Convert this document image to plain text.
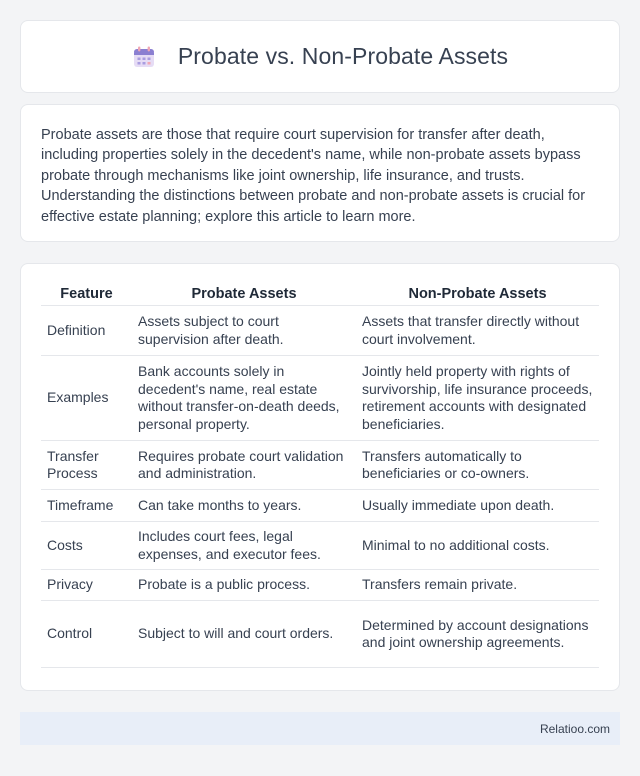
Probate vs. Non-Probate Assets

Probate assets are those that require court supervision for transfer after death, including properties solely in the decedent's name, while non-probate assets bypass probate through mechanisms like joint ownership, life insurance, and trusts. Understanding the distinctions between probate and non-probate assets is crucial for effective estate planning; explore this article to learn more.

Feature	Probate Assets	Non-Probate Assets
Definition	Assets subject to court supervision after death.	Assets that transfer directly without court involvement.
Examples	Bank accounts solely in decedent's name, real estate without transfer-on-death deeds, personal property.	Jointly held property with rights of survivorship, life insurance proceeds, retirement accounts with designated beneficiaries.
Transfer Process	Requires probate court validation and administration.	Transfers automatically to beneficiaries or co-owners.
Timeframe	Can take months to years.	Usually immediate upon death.
Costs	Includes court fees, legal expenses, and executor fees.	Minimal to no additional costs.
Privacy	Probate is a public process.	Transfers remain private.
Control	Subject to will and court orders.	Determined by account designations and joint ownership agreements.
Relatioo.com
